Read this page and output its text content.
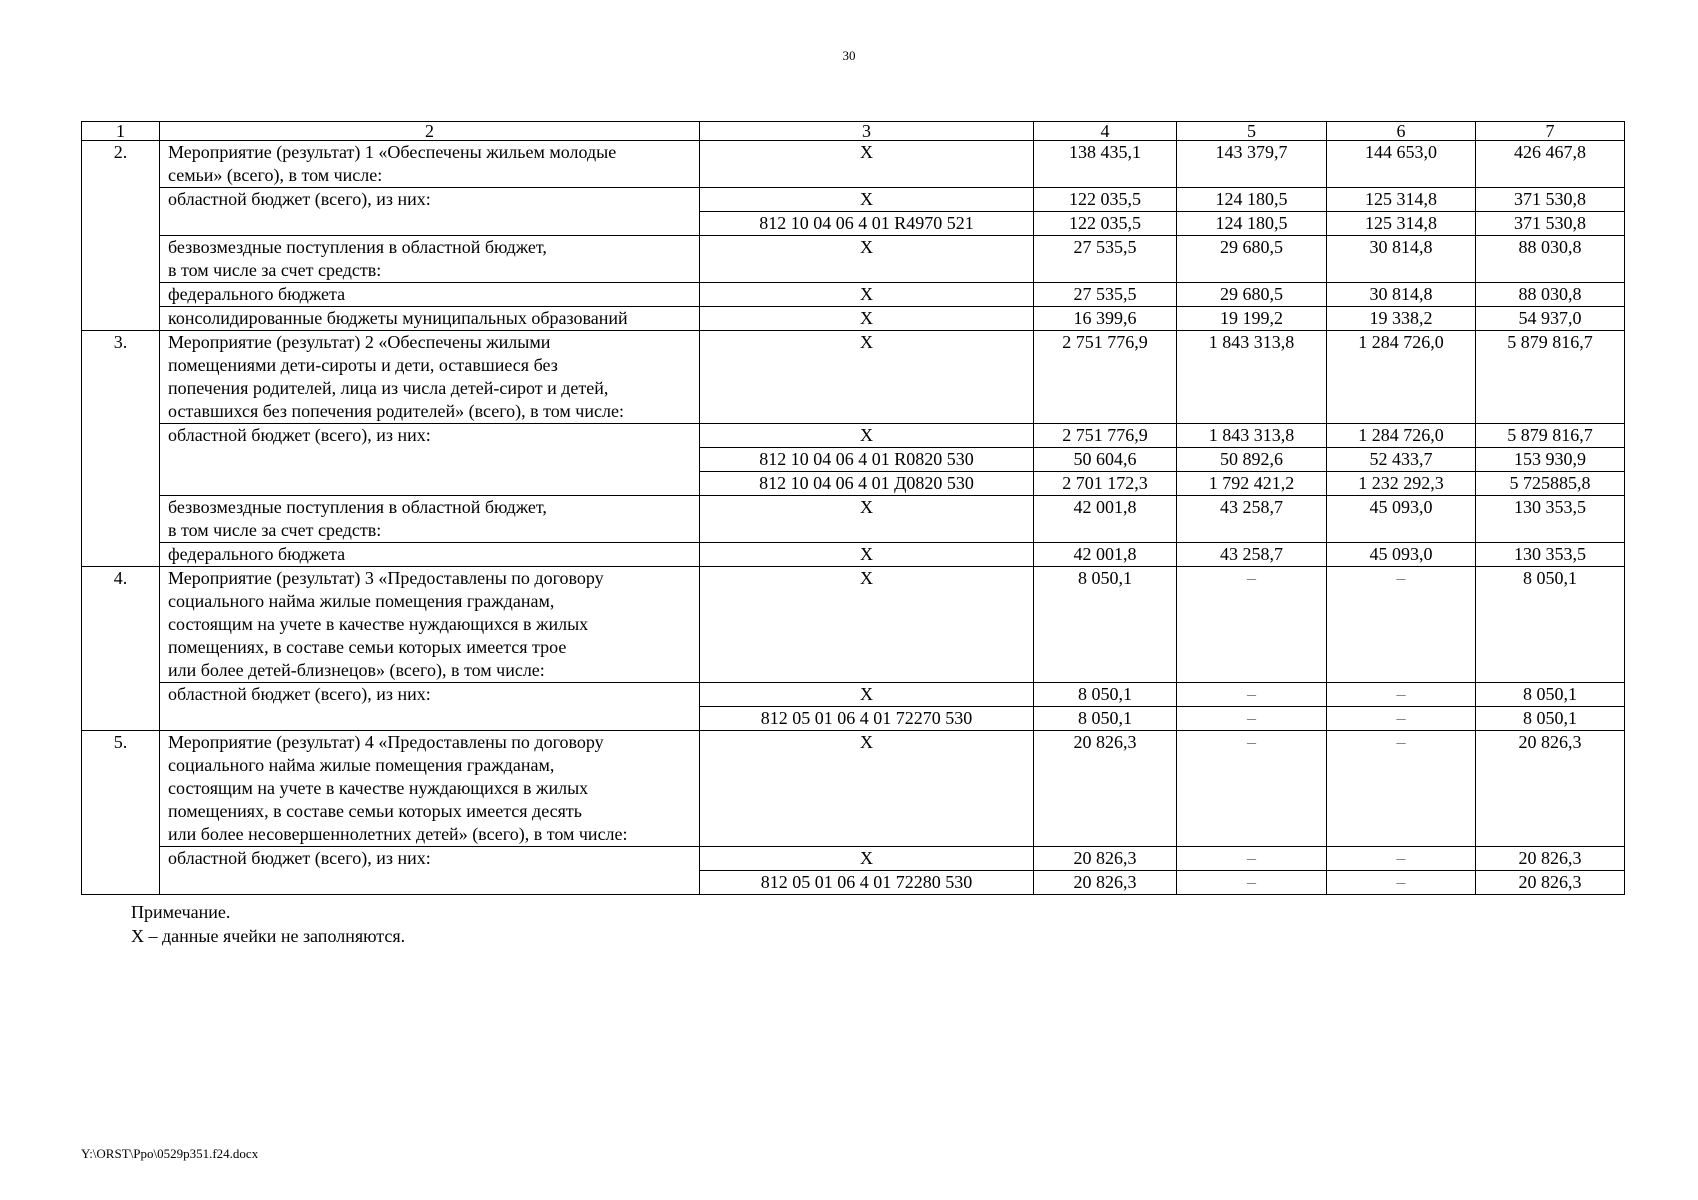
30
1	2	3	4	5	6	7
2.	Мероприятие (результат) 1 «Обеспечены жильем молодые
семьи» (всего), в том числе:	Х	138 435,1	143 379,7	144 653,0	426 467,8

	областной бюджет (всего), из них:	Х	122 035,5	124 180,5	125 314,8	371 530,8
		812 10 04 06 4 01 R4970 521	122 035,5	124 180,5	125 314,8	371 530,8

	безвозмездные поступления в областной бюджет,
в том числе за счет средств:	Х	27 535,5	29 680,5	30 814,8	88 030,8

	федерального бюджета	Х	27 535,5	29 680,5	30 814,8	88 030,8

	консолидированные бюджеты муниципальных образований	Х	16 399,6	19 199,2	19 338,2	54 937,0
3.	Мероприятие (результат) 2 «Обеспечены жилыми
помещениями дети-сироты и дети, оставшиеся без
попечения родителей, лица из числа детей-сирот и детей,
оставшихся без попечения родителей» (всего), в том числе:	Х	2 751 776,9	1 843 313,8	1 284 726,0	5 879 816,7

	областной бюджет (всего), из них:	Х	2 751 776,9	1 843 313,8	1 284 726,0	5 879 816,7
		812 10 04 06 4 01 R0820 530	50 604,6	50 892,6	52 433,7	153 930,9
		812 10 04 06 4 01 Д0820 530	2 701 172,3	1 792 421,2	1 232 292,3	5 725885,8

	безвозмездные поступления в областной бюджет,
в том числе за счет средств:	Х	42 001,8	43 258,7	45 093,0	130 353,5

	федерального бюджета	Х	42 001,8	43 258,7	45 093,0	130 353,5
4.	Мероприятие (результат) 3 «Предоставлены по договору
социального найма жилые помещения гражданам,
состоящим на учете в качестве нуждающихся в жилых
помещениях, в составе семьи которых имеется трое
или более детей-близнецов» (всего), в том числе:	Х	8 050,1	–	–	8 050,1

	областной бюджет (всего), из них:	Х	8 050,1	–	–	8 050,1
		812 05 01 06 4 01 72270 530	8 050,1	–	–	8 050,1
5.	Мероприятие (результат) 4 «Предоставлены по договору
социального найма жилые помещения гражданам,
состоящим на учете в качестве нуждающихся в жилых
помещениях, в составе семьи которых имеется десять
или более несовершеннолетних детей» (всего), в том числе:	Х	20 826,3	–	–	20 826,3

	областной бюджет (всего), из них:	Х	20 826,3	–	–	20 826,3
		812 05 01 06 4 01 72280 530	20 826,3	–	–	20 826,3
Примечание.
Х – данные ячейки не заполняются.
Y:\ORST\Ppo\0529p351.f24.docx
